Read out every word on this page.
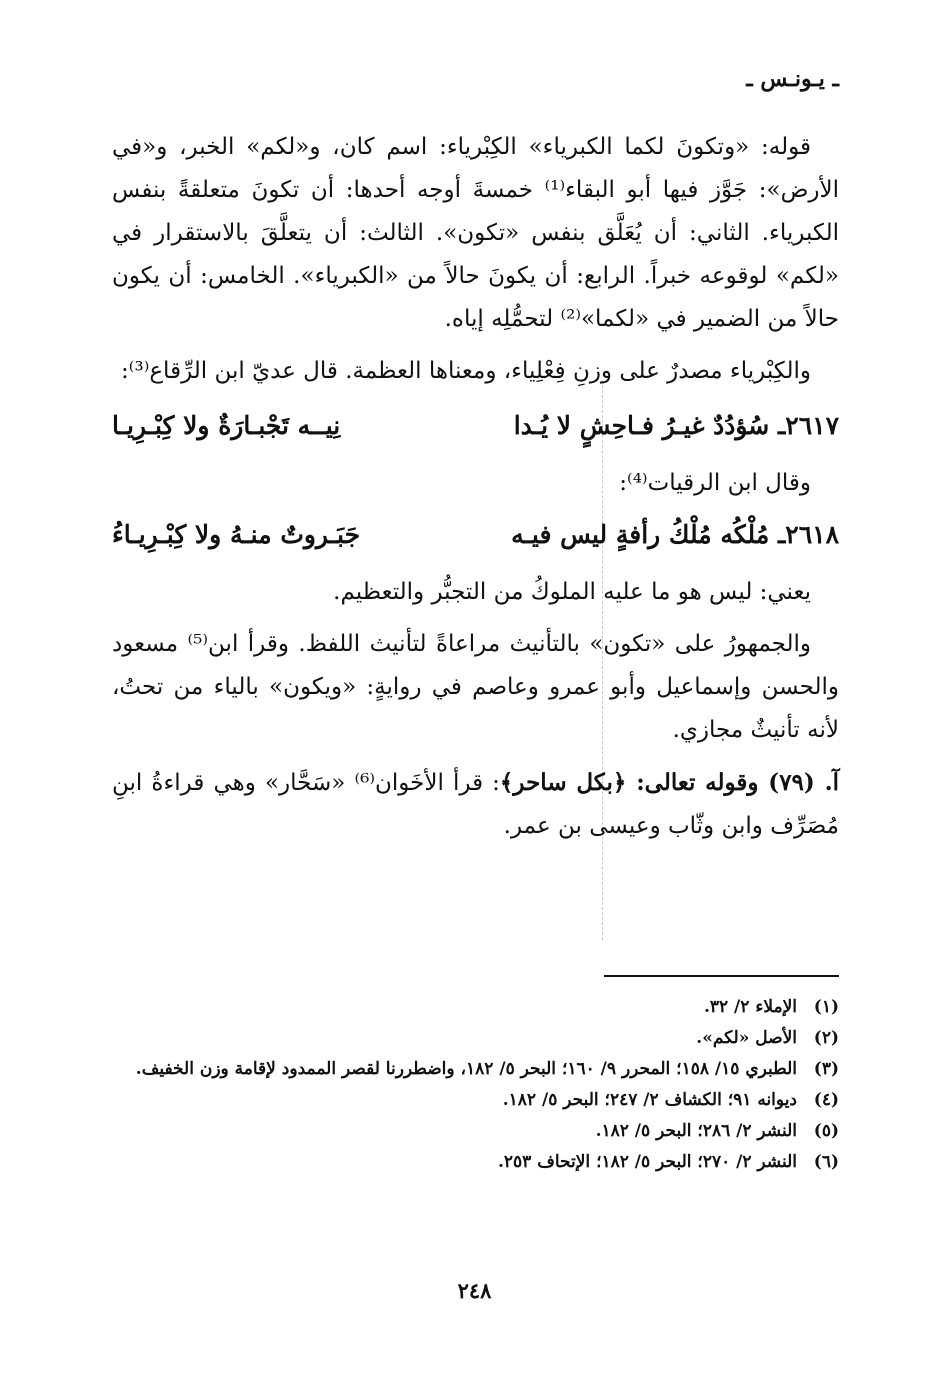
ـ يـونـس ـ

قوله: «وتكونَ لكما الكبرياء» الكِبْرياء: اسم كان، و«لكم» الخبر، و«في الأرض»: جَوَّز فيها أبو البقاء⁽¹⁾ خمسةَ أوجه أحدها: أن تكونَ متعلقةً بنفس الكبرياء. الثاني: أن يُعَلَّق بنفس «تكون». الثالث: أن يتعلَّقَ بالاستقرار في «لكم» لوقوعه خبراً. الرابع: أن يكونَ حالاً من «الكبرياء». الخامس: أن يكون حالاً من الضمير في «لكما»⁽²⁾ لتحمُّلِه إياه.

والكِبْرياء مصدرٌ على وزنِ فِعْلِياء، ومعناها العظمة. قال عديّ ابن الرِّقاع⁽³⁾:

٢٦١٧ـ سُؤدُدٌ غيـرُ فـاحِشٍ لا يُـدا
نِيــه تَجْبـارَةٌ ولا كِبْـرِيـا

وقال ابن الرقيات⁽⁴⁾:

٢٦١٨ـ مُلْكُه مُلْكُ رأفةٍ ليس فيـه
جَبَـروتٌ منـهُ ولا كِبْـرِيـاءُ

يعني: ليس هو ما عليه الملوكُ من التجبُّر والتعظيم.

والجمهورُ على «تكون» بالتأنيث مراعاةً لتأنيث اللفظ. وقرأ ابن⁽⁵⁾ مسعود والحسن وإسماعيل وأبو عمرو وعاصم في روايةٍ: «ويكون» بالياء من تحتُ، لأنه تأنيثٌ مجازي.

آ. (٧٩) وقوله تعالى: ﴿بكل ساحر﴾: قرأ الأخَوان⁽⁶⁾ «سَحَّار» وهي قراءةُ ابنِ مُصَرِّف وابن وثّاب وعيسى بن عمر.

(١)
الإملاء ٢/ ٣٢.
(٢)
الأصل «لكم».
(٣)
الطبري ١٥/ ١٥٨؛ المحرر ٩/ ١٦٠؛ البحر ٥/ ١٨٢، واضطررنا لقصر الممدود لإقامة وزن الخفيف.
(٤)
ديوانه ٩١؛ الكشاف ٢/ ٢٤٧؛ البحر ٥/ ١٨٢.
(٥)
النشر ٢/ ٢٨٦؛ البحر ٥/ ١٨٢.
(٦)
النشر ٢/ ٢٧٠؛ البحر ٥/ ١٨٢؛ الإتحاف ٢٥٣.
٢٤٨
